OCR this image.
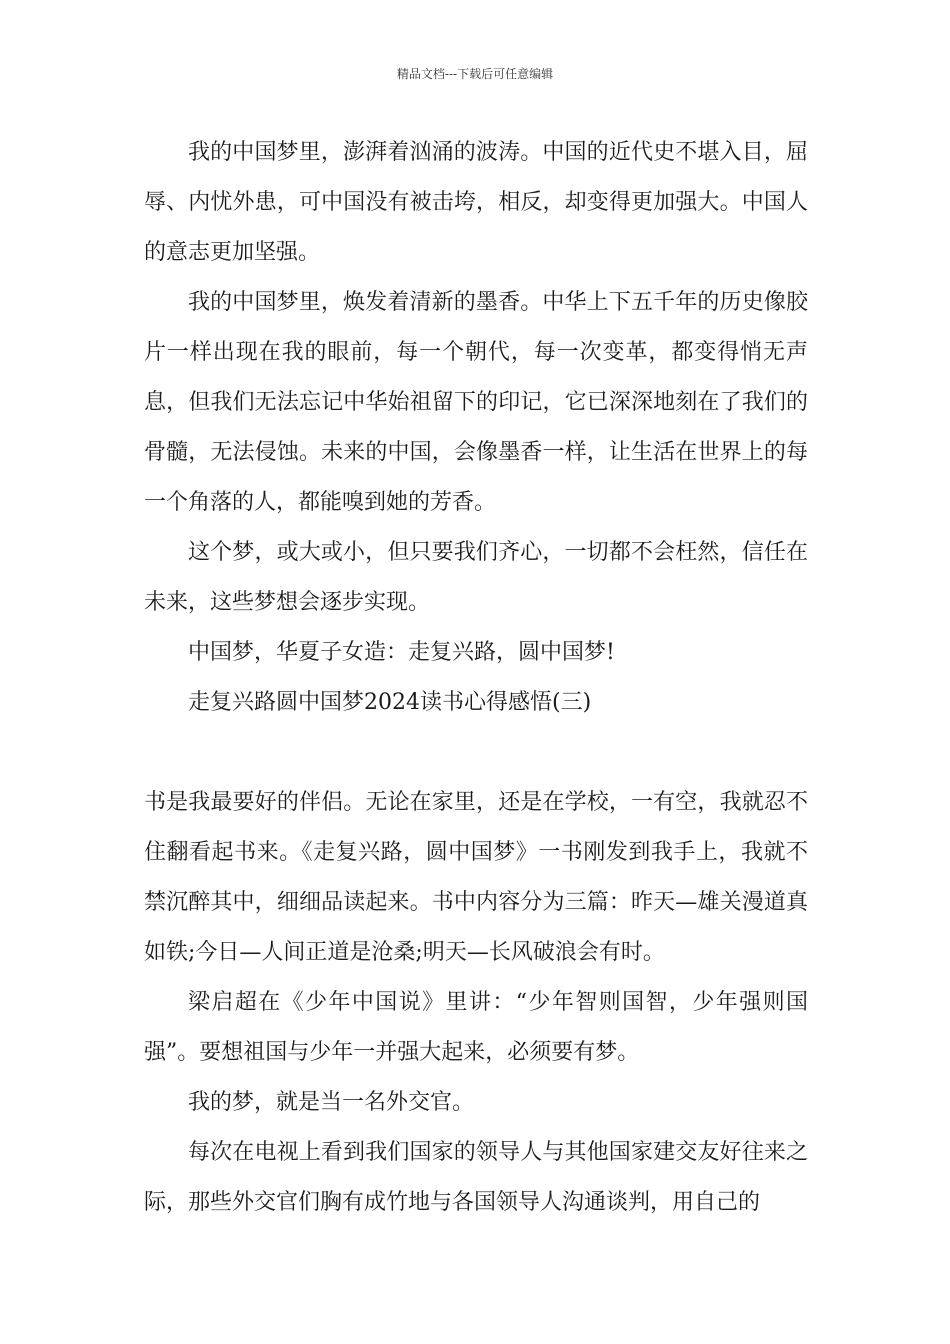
精品文档---下载后可任意编辑

我的中国梦里，澎湃着汹涌的波涛。中国的近代史不堪入目，屈辱、内忧外患，可中国没有被击垮，相反，却变得更加强大。中国人的意志更加坚强。

我的中国梦里，焕发着清新的墨香。中华上下五千年的历史像胶片一样出现在我的眼前，每一个朝代，每一次变革，都变得悄无声息，但我们无法忘记中华始祖留下的印记，它已深深地刻在了我们的骨髓，无法侵蚀。未来的中国，会像墨香一样，让生活在世界上的每一个角落的人，都能嗅到她的芳香。

这个梦，或大或小，但只要我们齐心，一切都不会枉然，信任在未来，这些梦想会逐步实现。

中国梦，华夏子女造：走复兴路，圆中国梦!

走复兴路圆中国梦2024读书心得感悟(三)

书是我最要好的伴侣。无论在家里，还是在学校，一有空，我就忍不住翻看起书来。《走复兴路，圆中国梦》一书刚发到我手上，我就不禁沉醉其中，细细品读起来。书中内容分为三篇：昨天—雄关漫道真如铁;今日—人间正道是沧桑;明天—长风破浪会有时。

梁启超在《少年中国说》里讲：“少年智则国智，少年强则国强”。要想祖国与少年一并强大起来，必须要有梦。

我的梦，就是当一名外交官。

每次在电视上看到我们国家的领导人与其他国家建交友好往来之际，那些外交官们胸有成竹地与各国领导人沟通谈判，用自己的
